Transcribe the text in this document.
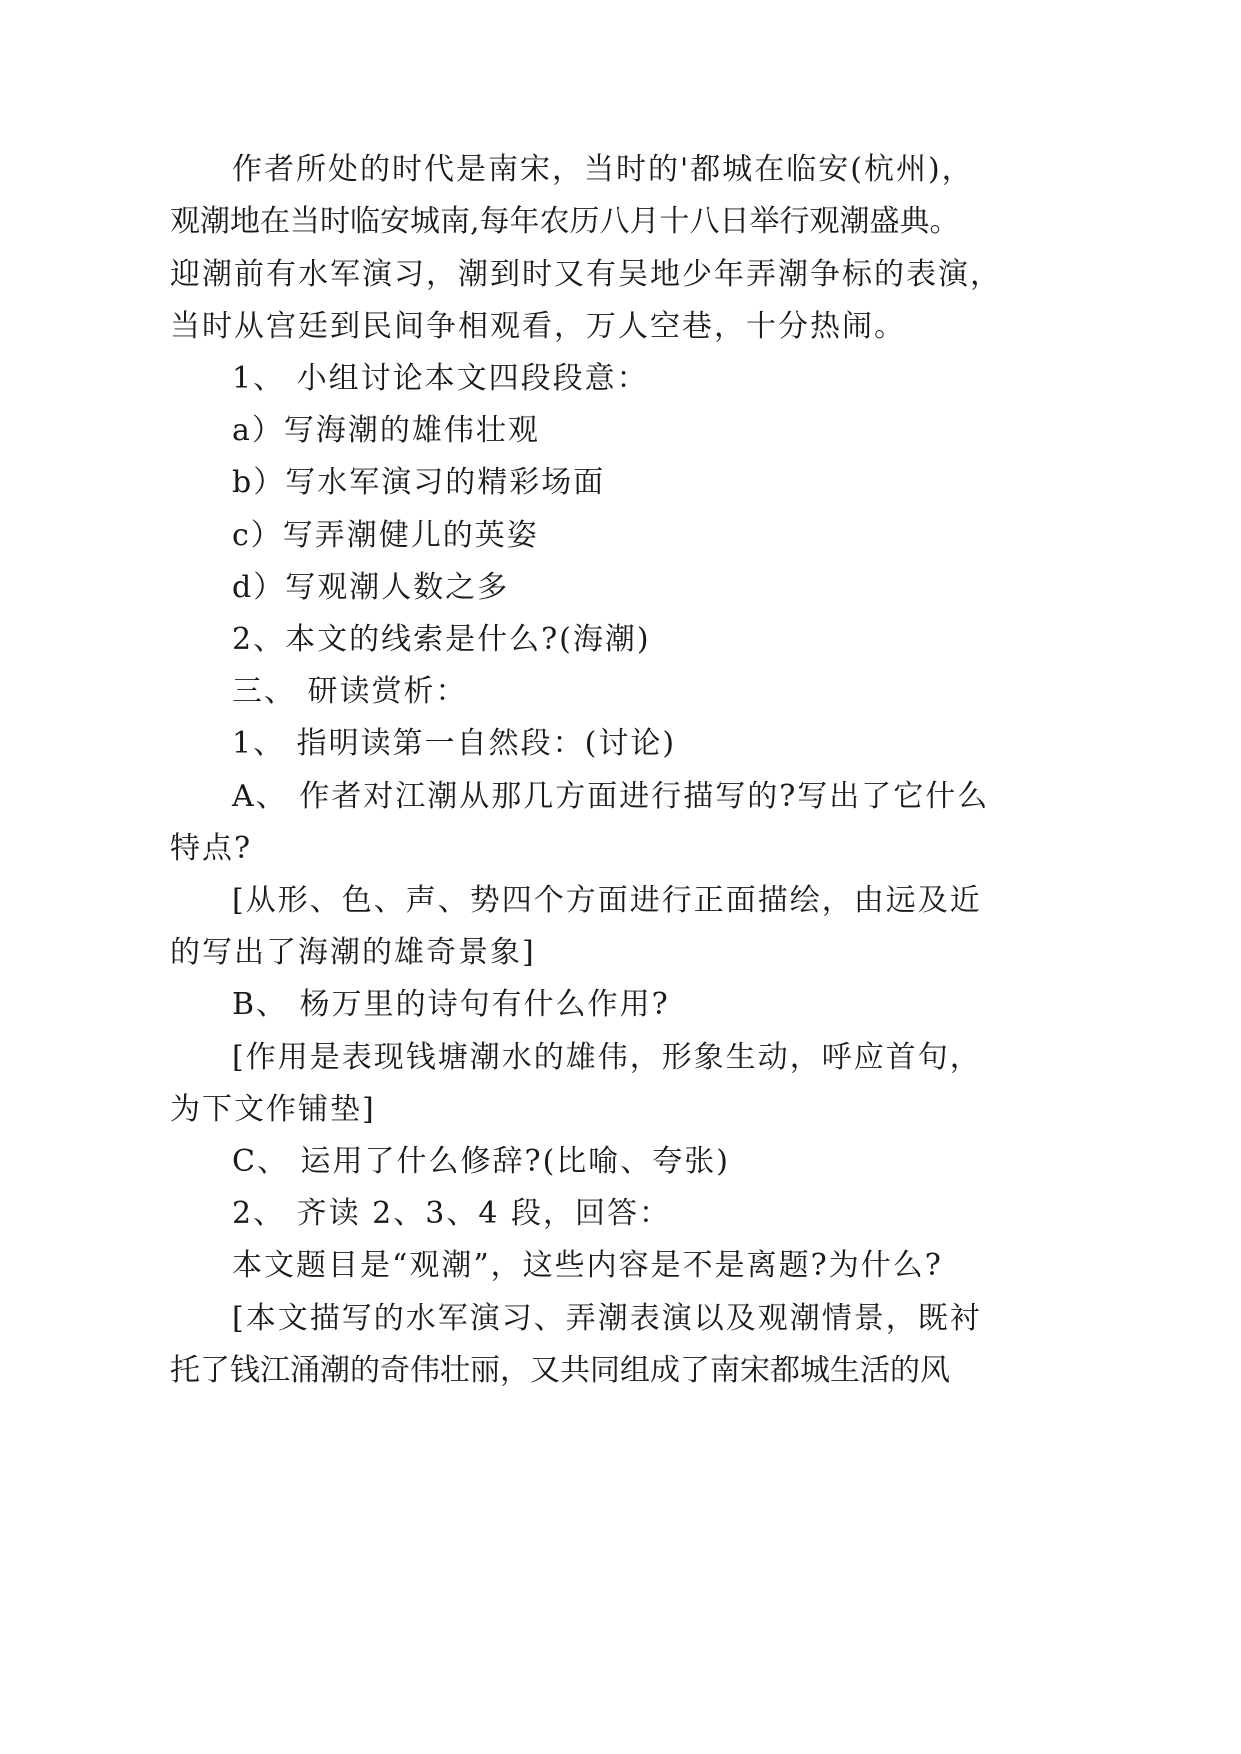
作者所处的时代是南宋，当时的'都城在临安(杭州)，

观潮地在当时临安城南,每年农历八月十八日举行观潮盛典。

迎潮前有水军演习，潮到时又有吴地少年弄潮争标的表演，

当时从宫廷到民间争相观看，万人空巷，十分热闹。

1、 小组讨论本文四段段意：

a）写海潮的雄伟壮观

b）写水军演习的精彩场面

c）写弄潮健儿的英姿

d）写观潮人数之多

2、本文的线索是什么?(海潮)

三、 研读赏析：

1、 指明读第一自然段：(讨论)

A、 作者对江潮从那几方面进行描写的?写出了它什么

特点?

[从形、色、声、势四个方面进行正面描绘，由远及近

的写出了海潮的雄奇景象]

B、 杨万里的诗句有什么作用?

[作用是表现钱塘潮水的雄伟，形象生动，呼应首句，

为下文作铺垫]

C、 运用了什么修辞?(比喻、夸张)

2、 齐读 2、3、4 段，回答：

本文题目是“观潮”，这些内容是不是离题?为什么?

[本文描写的水军演习、弄潮表演以及观潮情景，既衬

托了钱江涌潮的奇伟壮丽，又共同组成了南宋都城生活的风
